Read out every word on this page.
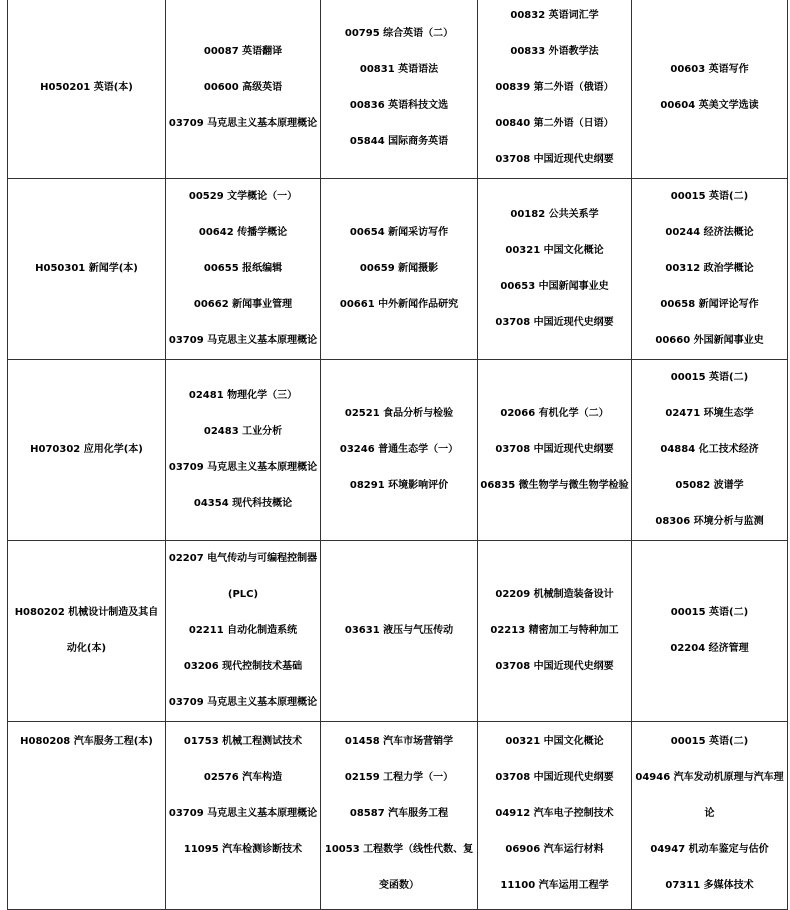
H050201 英语(本)	00087 英语翻译
00600 高级英语
03709 马克思主义基本原理概论	00795 综合英语（二）
00831 英语语法
00836 英语科技文选
05844 国际商务英语	00832 英语词汇学
00833 外语教学法
00839 第二外语（俄语）
00840 第二外语（日语）
03708 中国近现代史纲要	00603 英语写作
00604 英美文学选读

H050301 新闻学(本)	00529 文学概论（一）
00642 传播学概论
00655 报纸编辑
00662 新闻事业管理
03709 马克思主义基本原理概论	00654 新闻采访写作
00659 新闻摄影
00661 中外新闻作品研究	00182 公共关系学
00321 中国文化概论
00653 中国新闻事业史
03708 中国近现代史纲要	00015 英语(二)
00244 经济法概论
00312 政治学概论
00658 新闻评论写作
00660 外国新闻事业史

H070302 应用化学(本)	02481 物理化学（三）
02483 工业分析
03709 马克思主义基本原理概论
04354 现代科技概论	02521 食品分析与检验
03246 普通生态学（一）
08291 环境影响评价	02066 有机化学（二）
03708 中国近现代史纲要
06835 微生物学与微生物学检验	00015 英语(二)
02471 环境生态学
04884 化工技术经济
05082 波谱学
08306 环境分析与监测

H080202 机械设计制造及其自动化(本)	02207 电气传动与可编程控制器(PLC)
02211 自动化制造系统
03206 现代控制技术基础
03709 马克思主义基本原理概论	03631 液压与气压传动	02209 机械制造装备设计
02213 精密加工与特种加工
03708 中国近现代史纲要	00015 英语(二)
02204 经济管理

H080208 汽车服务工程(本)	01753 机械工程测试技术
02576 汽车构造
03709 马克思主义基本原理概论
11095 汽车检测诊断技术	01458 汽车市场营销学
02159 工程力学（一）
08587 汽车服务工程
10053 工程数学（线性代数、复变函数）	00321 中国文化概论
03708 中国近现代史纲要
04912 汽车电子控制技术
06906 汽车运行材料
11100 汽车运用工程学	00015 英语(二)
04946 汽车发动机原理与汽车理论
04947 机动车鉴定与估价
07311 多媒体技术
